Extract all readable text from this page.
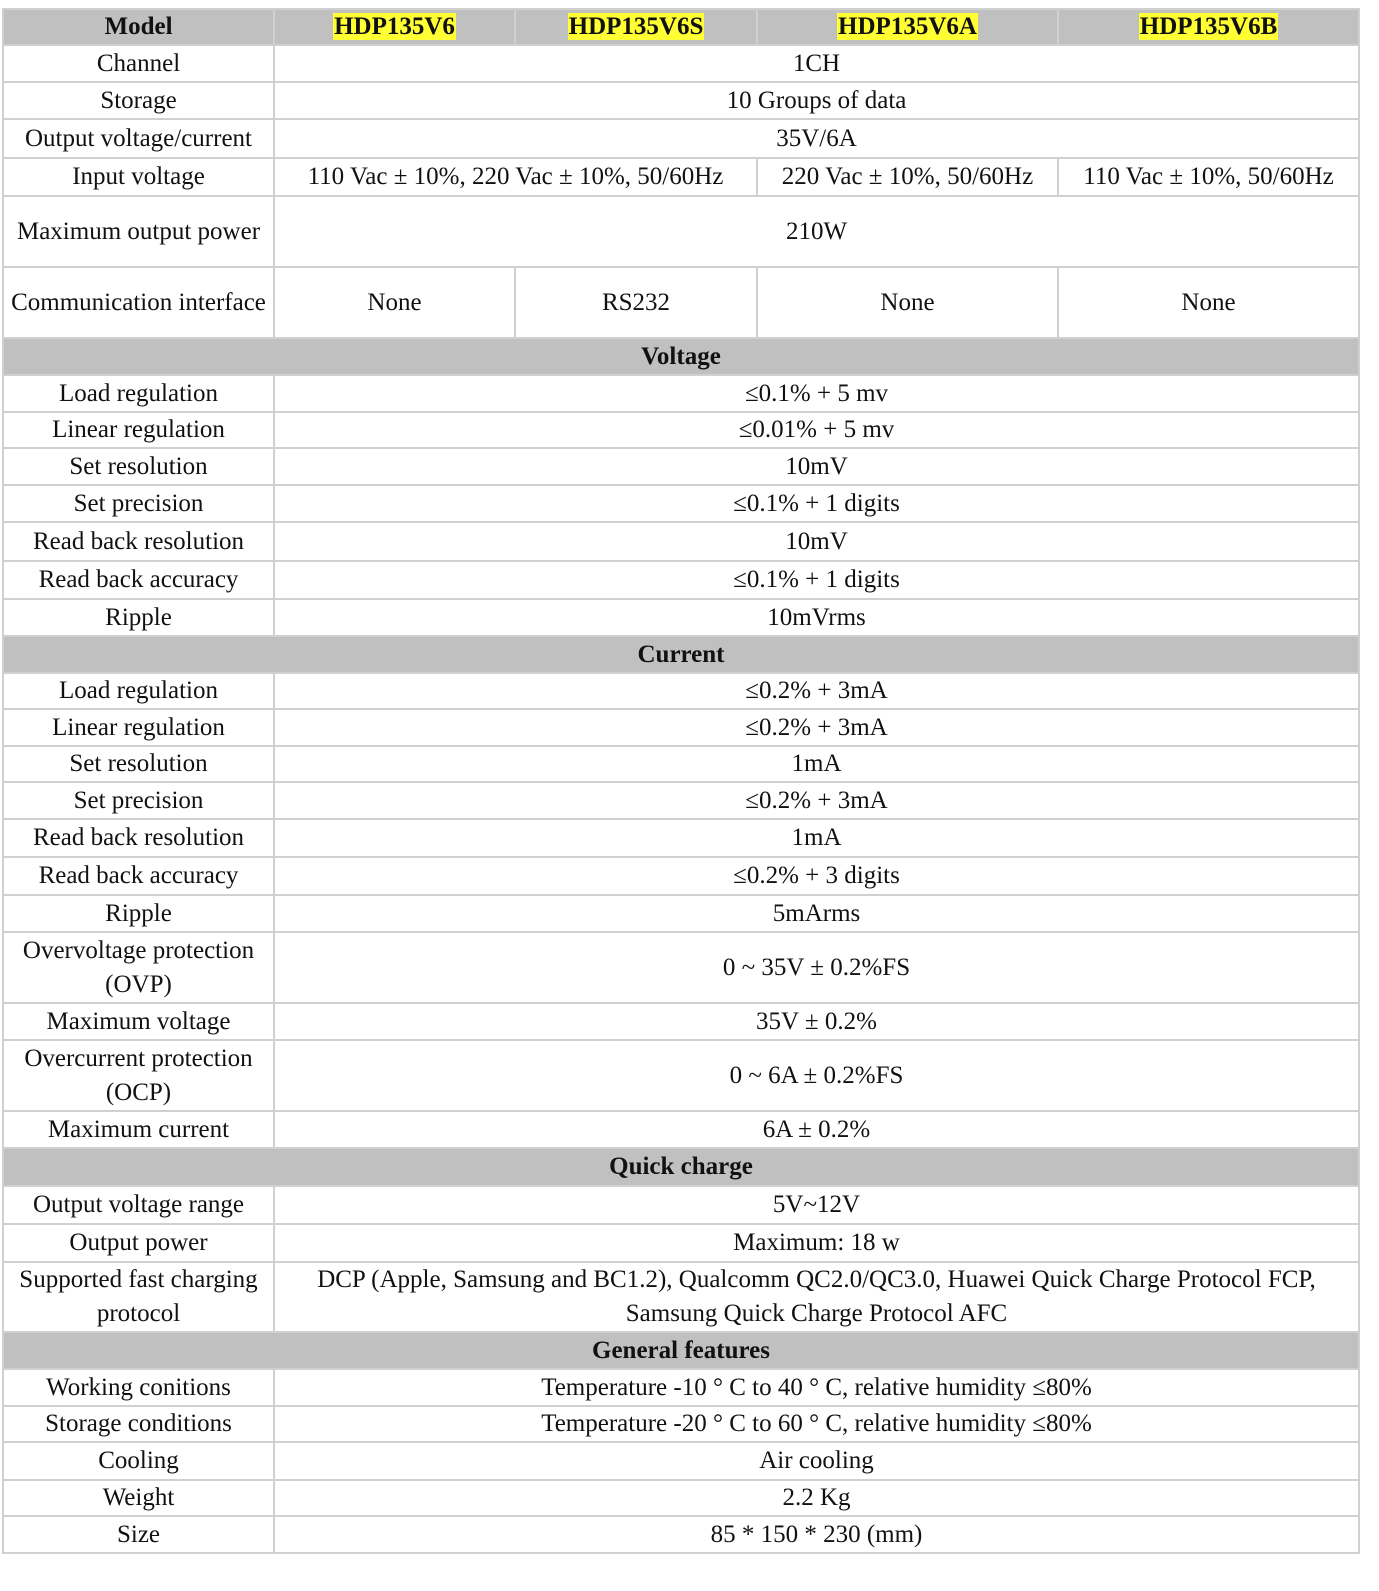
Model	HDP135V6	HDP135V6S	HDP135V6A	HDP135V6B
Channel	1CH			
Storage	10 Groups of data			
Output voltage/current	35V/6A			
Input voltage	110 Vac ± 10%, 220 Vac ± 10%, 50/60Hz		220 Vac ± 10%, 50/60Hz	110 Vac ± 10%, 50/60Hz
Maximum output power	210W			
Communication interface	None	RS232	None	None
Voltage				
Load regulation	≤0.1% + 5 mv			
Linear regulation	≤0.01% + 5 mv			
Set resolution	10mV			
Set precision	≤0.1% + 1 digits			
Read back resolution	10mV			
Read back accuracy	≤0.1% + 1 digits			
Ripple	10mVrms			
Current				
Load regulation	≤0.2% + 3mA			
Linear regulation	≤0.2% + 3mA			
Set resolution	1mA			
Set precision	≤0.2% + 3mA			
Read back resolution	1mA			
Read back accuracy	≤0.2% + 3 digits			
Ripple	5mArms			
Overvoltage protection (OVP)	0 ~ 35V ± 0.2%FS			
Maximum voltage	35V ± 0.2%			
Overcurrent protection (OCP)	0 ~ 6A ± 0.2%FS			
Maximum current	6A ± 0.2%			
Quick charge				
Output voltage range	5V~12V			
Output power	Maximum: 18 w			
Supported fast charging protocol	DCP (Apple, Samsung and BC1.2), Qualcomm QC2.0/QC3.0, Huawei Quick Charge Protocol FCP, Samsung Quick Charge Protocol AFC			
General features				
Working conitions	Temperature -10 ° C to 40 ° C, relative humidity ≤80%			
Storage conditions	Temperature -20 ° C to 60 ° C, relative humidity ≤80%			
Cooling	Air cooling			
Weight	2.2 Kg			
Size	85 * 150 * 230 (mm)			
